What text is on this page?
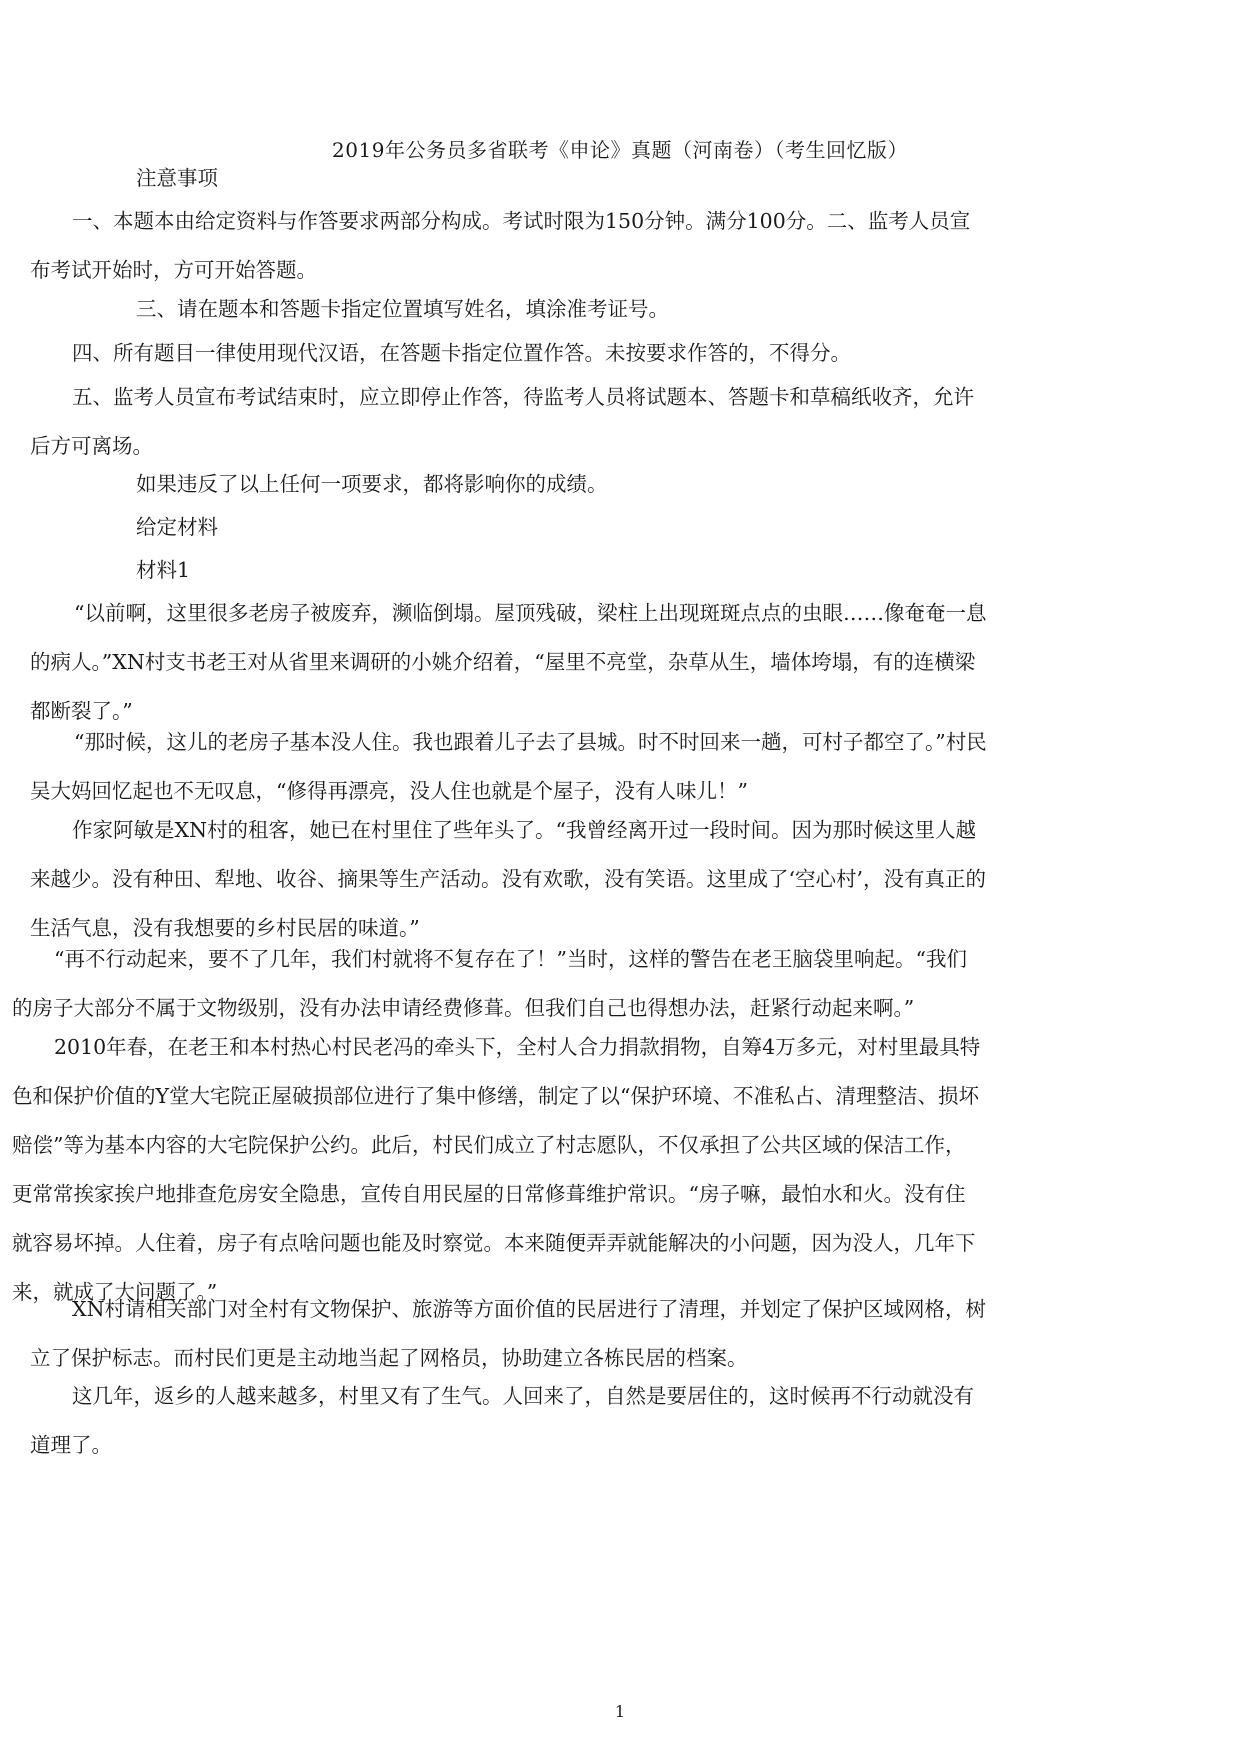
2019年公务员多省联考《申论》真题（河南卷）（考生回忆版）

注意事项

一、本题本由给定资料与作答要求两部分构成。考试时限为150分钟。满分100分。二、监考人员宣布考试开始时，方可开始答题。

三、请在题本和答题卡指定位置填写姓名，填涂准考证号。

四、所有题目一律使用现代汉语，在答题卡指定位置作答。未按要求作答的，不得分。

五、监考人员宣布考试结束时，应立即停止作答，待监考人员将试题本、答题卡和草稿纸收齐，允许后方可离场。

如果违反了以上任何一项要求，都将影响你的成绩。

给定材料

材料1

“以前啊，这里很多老房子被废弃，濒临倒塌。屋顶残破，梁柱上出现斑斑点点的虫眼……像奄奄一息的病人。”XN村支书老王对从省里来调研的小姚介绍着，“屋里不亮堂，杂草从生，墙体垮塌，有的连横梁都断裂了。”

“那时候，这儿的老房子基本没人住。我也跟着儿子去了县城。时不时回来一趟，可村子都空了。”村民吴大妈回忆起也不无叹息，“修得再漂亮，没人住也就是个屋子，没有人味儿！”

作家阿敏是XN村的租客，她已在村里住了些年头了。“我曾经离开过一段时间。因为那时候这里人越来越少。没有种田、犁地、收谷、摘果等生产活动。没有欢歌，没有笑语。这里成了‘空心村’，没有真正的生活气息，没有我想要的乡村民居的味道。”

“再不行动起来，要不了几年，我们村就将不复存在了！”当时，这样的警告在老王脑袋里响起。“我们的房子大部分不属于文物级别，没有办法申请经费修葺。但我们自己也得想办法，赶紧行动起来啊。”

2010年春，在老王和本村热心村民老冯的牵头下，全村人合力捐款捐物，自筹4万多元，对村里最具特色和保护价值的Y堂大宅院正屋破损部位进行了集中修缮，制定了以“保护环境、不准私占、清理整洁、损坏赔偿”等为基本内容的大宅院保护公约。此后，村民们成立了村志愿队，不仅承担了公共区域的保洁工作，更常常挨家挨户地排查危房安全隐患，宣传自用民屋的日常修葺维护常识。“房子嘛，最怕水和火。没有住就容易坏掉。人住着，房子有点啥问题也能及时察觉。本来随便弄弄就能解决的小问题，因为没人，几年下来，就成了大问题了。”

XN村请相关部门对全村有文物保护、旅游等方面价值的民居进行了清理，并划定了保护区域网格，树立了保护标志。而村民们更是主动地当起了网格员，协助建立各栋民居的档案。

这几年，返乡的人越来越多，村里又有了生气。人回来了，自然是要居住的，这时候再不行动就没有道理了。

1
